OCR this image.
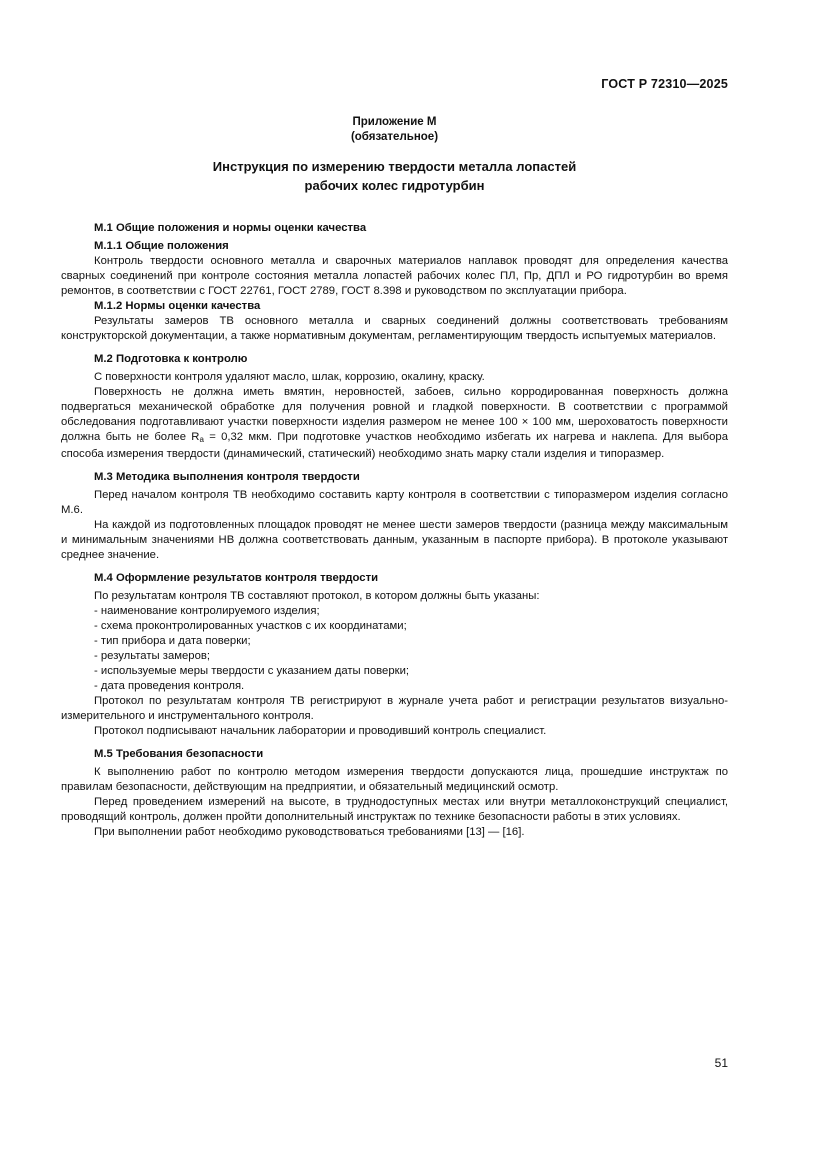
ГОСТ Р 72310—2025
Приложение М
(обязательное)
Инструкция по измерению твердости металла лопастей
рабочих колес гидротурбин
М.1 Общие положения и нормы оценки качества
М.1.1 Общие положения

Контроль твердости основного металла и сварочных материалов наплавок проводят для определения качества сварных соединений при контроле состояния металла лопастей рабочих колес ПЛ, Пр, ДПЛ и РО гидротурбин во время ремонтов, в соответствии с ГОСТ 22761, ГОСТ 2789, ГОСТ 8.398 и руководством по эксплуатации прибора.

М.1.2 Нормы оценки качества

Результаты замеров ТВ основного металла и сварных соединений должны соответствовать требованиям конструкторской документации, а также нормативным документам, регламентирующим твердость испытуемых материалов.

М.2 Подготовка к контролю

С поверхности контроля удаляют масло, шлак, коррозию, окалину, краску.

Поверхность не должна иметь вмятин, неровностей, забоев, сильно корродированная поверхность должна подвергаться механической обработке для получения ровной и гладкой поверхности. В соответствии с программой обследования подготавливают участки поверхности изделия размером не менее 100 × 100 мм, шероховатость поверхности должна быть не более $R_a = 0,32$ мкм. При подготовке участков необходимо избегать их нагрева и наклепа. Для выбора способа измерения твердости (динамический, статический) необходимо знать марку стали изделия и типоразмер.

М.3 Методика выполнения контроля твердости

Перед началом контроля ТВ необходимо составить карту контроля в соответствии с типоразмером изделия согласно М.6.

На каждой из подготовленных площадок проводят не менее шести замеров твердости (разница между максимальным и минимальным значениями НВ должна соответствовать данным, указанным в паспорте прибора). В протоколе указывают среднее значение.

М.4 Оформление результатов контроля твердости

По результатам контроля ТВ составляют протокол, в котором должны быть указаны:

- наименование контролируемого изделия;
- схема проконтролированных участков с их координатами;
- тип прибора и дата поверки;
- результаты замеров;
- используемые меры твердости с указанием даты поверки;
- дата проведения контроля.

Протокол по результатам контроля ТВ регистрируют в журнале учета работ и регистрации результатов визуально-измерительного и инструментального контроля.

Протокол подписывают начальник лаборатории и проводивший контроль специалист.

М.5 Требования безопасности

К выполнению работ по контролю методом измерения твердости допускаются лица, прошедшие инструктаж по правилам безопасности, действующим на предприятии, и обязательный медицинский осмотр.

Перед проведением измерений на высоте, в труднодоступных местах или внутри металлоконструкций специалист, проводящий контроль, должен пройти дополнительный инструктаж по технике безопасности работы в этих условиях.

При выполнении работ необходимо руководствоваться требованиями [13] — [16].

51
